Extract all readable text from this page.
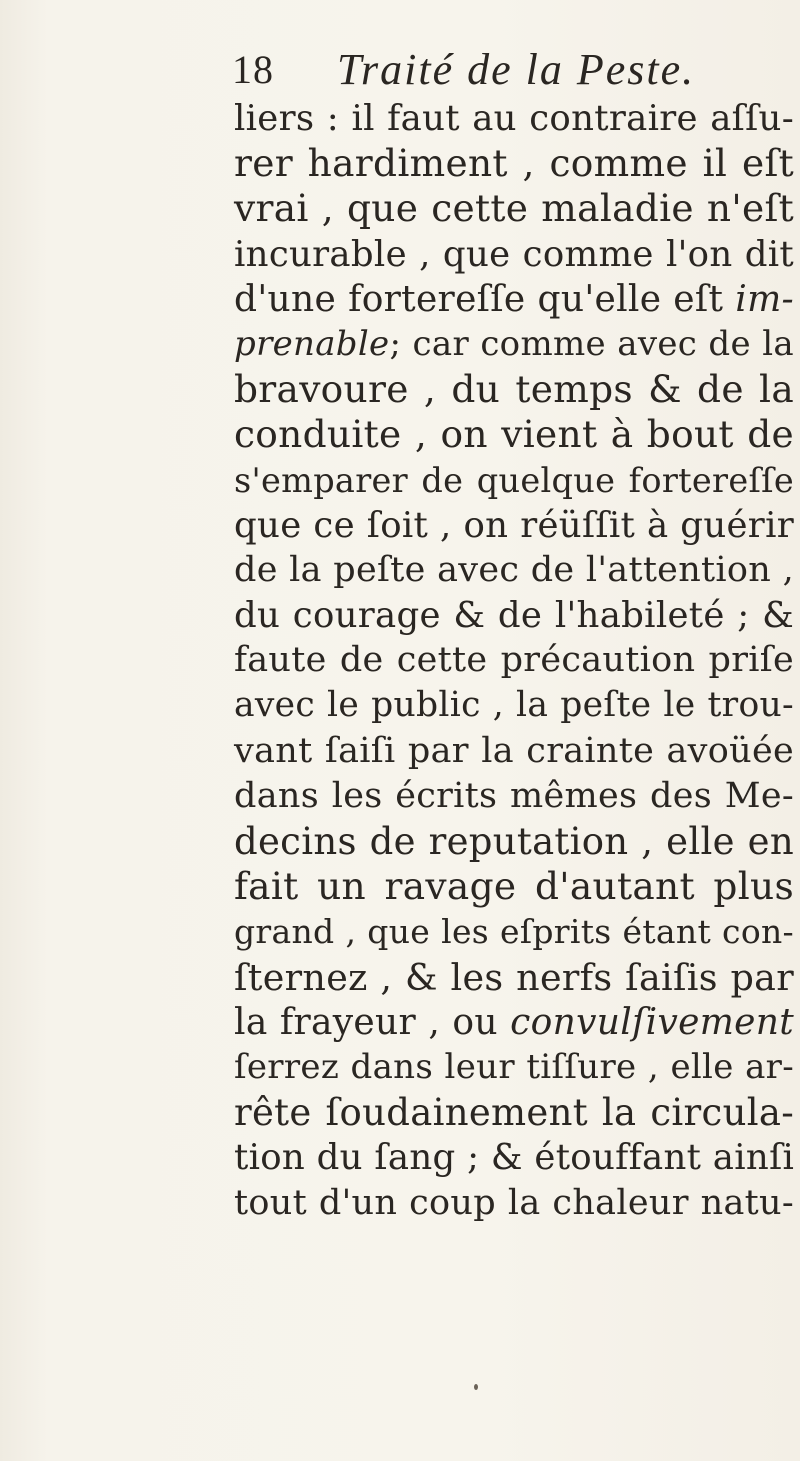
18 Traité de la Peste.
liers : il faut au contraire aſſu-
rer hardiment , comme il eſt
vrai , que cette maladie n'eſt
incurable , que comme l'on dit
d'une fortereſſe qu'elle eſt im-
prenable; car comme avec de la
bravoure , du temps & de la
conduite , on vient à bout de
s'emparer de quelque fortereſſe
que ce ſoit , on réüſſit à guérir
de la peſte avec de l'attention ,
du courage & de l'habileté ; &
faute de cette précaution priſe
avec le public , la peſte le trou-
vant ſaiſi par la crainte avoüée
dans les écrits mêmes des Me-
decins de reputation , elle en
fait un ravage d'autant plus
grand , que les eſprits étant con-
ſternez , & les nerfs ſaiſis par
la frayeur , ou convulſivement
ſerrez dans leur tiſſure , elle ar-
rête ſoudainement la circula-
tion du ſang ; & étouffant ainſi
tout d'un coup la chaleur natu-
